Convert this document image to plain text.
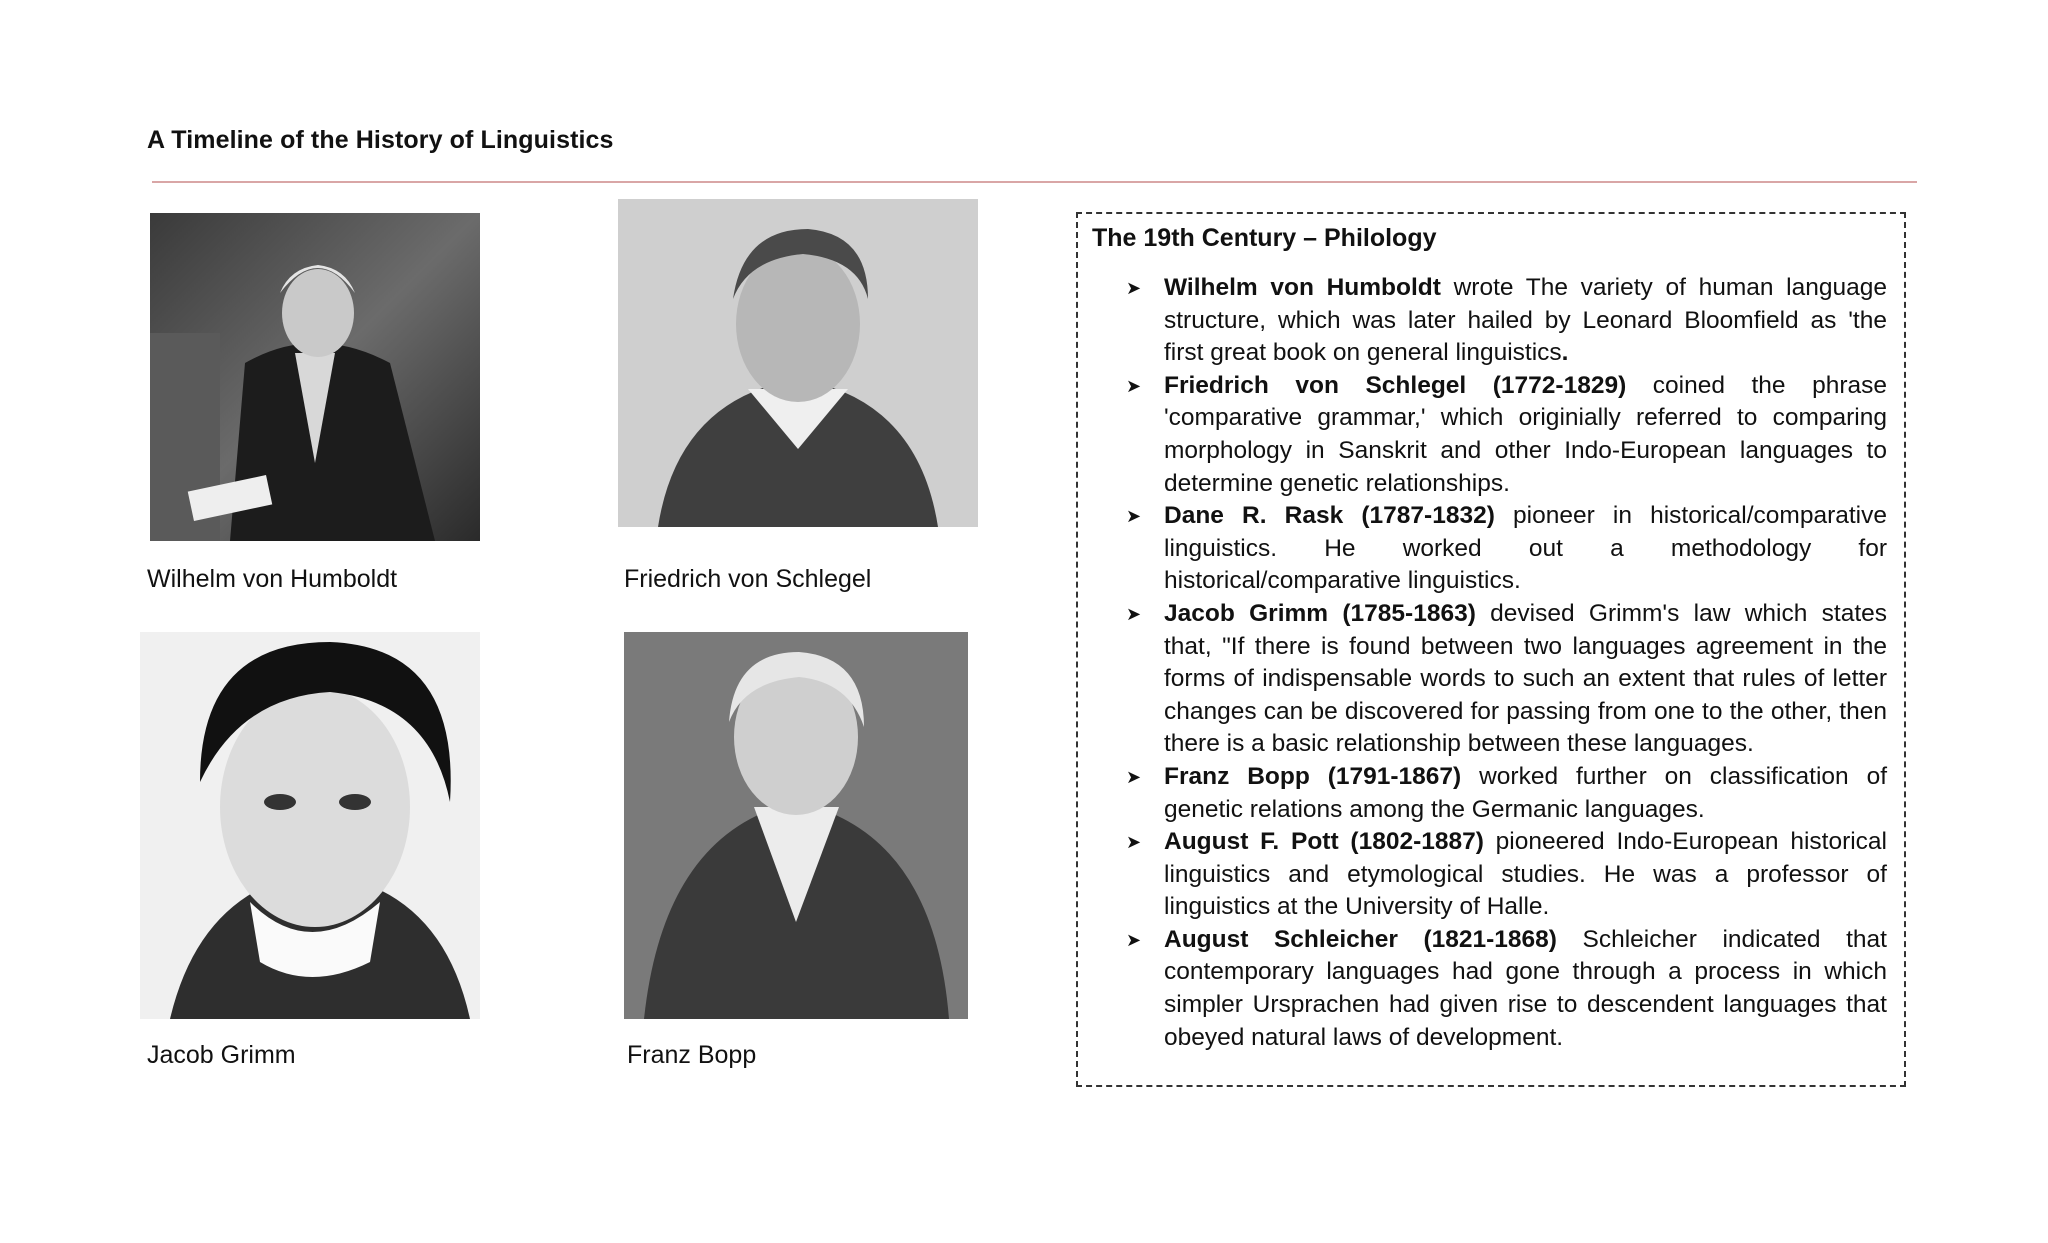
A Timeline of the History of Linguistics
Wilhelm von Humboldt	Friedrich von Schlegel
Jacob Grimm	Franz Bopp
The 19th Century – Philology
➤ Wilhelm von Humboldt wrote The variety of human language structure, which was later hailed by Leonard Bloomfield as 'the first great book on general linguistics.
➤ Friedrich von Schlegel (1772-1829) coined the phrase 'comparative grammar,' which originially referred to comparing morphology in Sanskrit and other Indo-European languages to determine genetic relationships.
➤ Dane R. Rask (1787-1832) pioneer in historical/comparative linguistics. He worked out a methodology for historical/comparative linguistics.
➤ Jacob Grimm (1785-1863) devised Grimm's law which states that, "If there is found between two languages agreement in the forms of indispensable words to such an extent that rules of letter changes can be discovered for passing from one to the other, then there is a basic relationship between these languages.
➤ Franz Bopp (1791-1867) worked further on classification of genetic relations among the Germanic languages.
➤ August F. Pott (1802-1887) pioneered Indo-European historical linguistics and etymological studies. He was a professor of linguistics at the University of Halle.
➤ August Schleicher (1821-1868) Schleicher indicated that contemporary languages had gone through a process in which simpler Ursprachen had given rise to descendent languages that obeyed natural laws of development.
